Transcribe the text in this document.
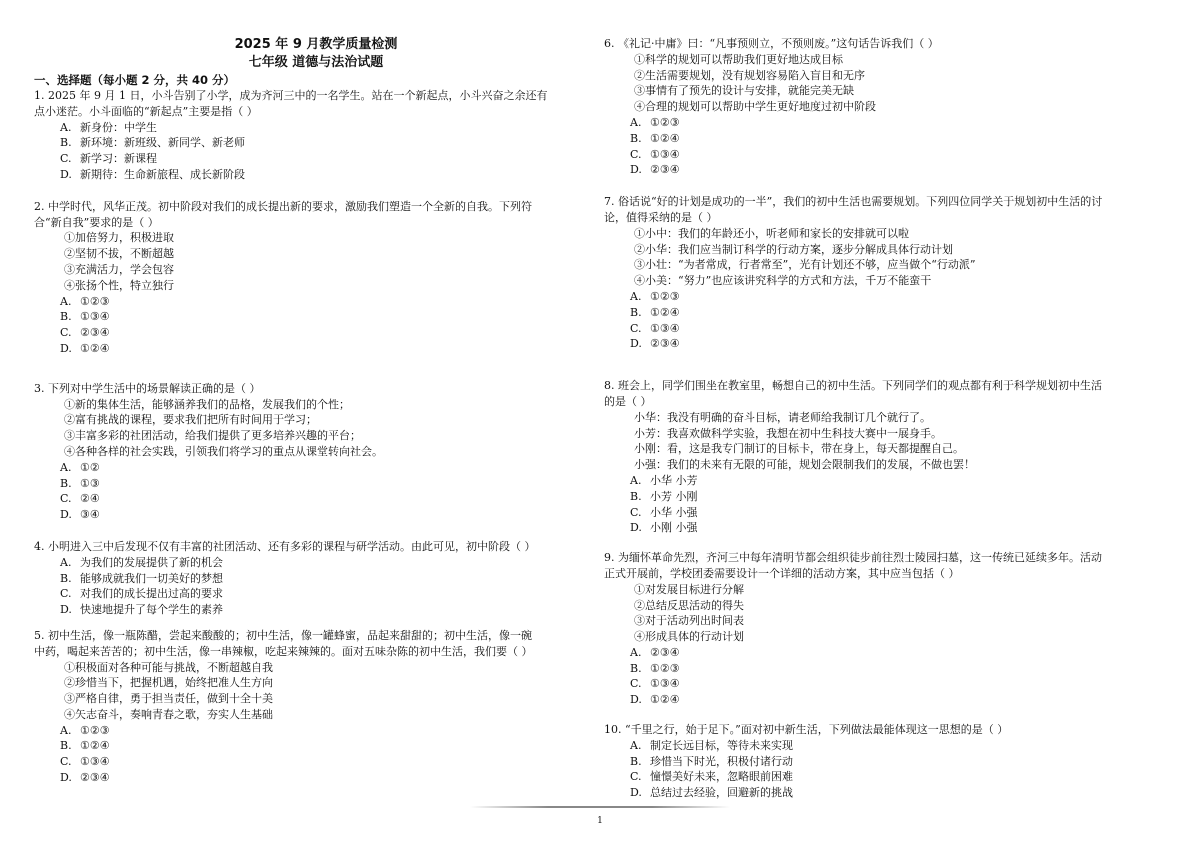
2025 年 9 月教学质量检测
七年级 道德与法治试题
一、选择题（每小题 2 分，共 40 分）
1. 2025 年 9 月 1 日，小斗告别了小学，成为齐河三中的一名学生。站在一个新起点，小斗兴奋之余还有
点小迷茫。小斗面临的“新起点”主要是指（ ）
A. 新身份：中学生
B. 新环境：新班级、新同学、新老师
C. 新学习：新课程
D. 新期待：生命新旅程、成长新阶段
2. 中学时代，风华正茂。初中阶段对我们的成长提出新的要求，激励我们塑造一个全新的自我。下列符
合“新自我”要求的是（ ）
①加倍努力，积极进取
②坚韧不拔，不断超越
③充满活力，学会包容
④张扬个性，特立独行
A. ①②③
B. ①③④
C. ②③④
D. ①②④
3. 下列对中学生活中的场景解读正确的是（ ）
①新的集体生活，能够涵养我们的品格，发展我们的个性；
②富有挑战的课程，要求我们把所有时间用于学习；
③丰富多彩的社团活动，给我们提供了更多培养兴趣的平台；
④各种各样的社会实践，引领我们将学习的重点从课堂转向社会。
A. ①②
B. ①③
C. ②④
D. ③④
4. 小明进入三中后发现不仅有丰富的社团活动、还有多彩的课程与研学活动。由此可见，初中阶段（ ）
A. 为我们的发展提供了新的机会
B. 能够成就我们一切美好的梦想
C. 对我们的成长提出过高的要求
D. 快速地提升了每个学生的素养
5. 初中生活，像一瓶陈醋，尝起来酸酸的；初中生活，像一罐蜂蜜，品起来甜甜的；初中生活，像一碗
中药，喝起来苦苦的；初中生活，像一串辣椒，吃起来辣辣的。面对五味杂陈的初中生活，我们要（ ）
①积极面对各种可能与挑战，不断超越自我
②珍惜当下，把握机遇，始终把准人生方向
③严格自律，勇于担当责任，做到十全十美
④矢志奋斗，奏响青春之歌，夯实人生基础
A. ①②③
B. ①②④
C. ①③④
D. ②③④
6. 《礼记·中庸》曰：“凡事预则立，不预则废。”这句话告诉我们（ ）
①科学的规划可以帮助我们更好地达成目标
②生活需要规划，没有规划容易陷入盲目和无序
③事情有了预先的设计与安排，就能完美无缺
④合理的规划可以帮助中学生更好地度过初中阶段
A. ①②③
B. ①②④
C. ①③④
D. ②③④
7. 俗话说“好的计划是成功的一半”，我们的初中生活也需要规划。下列四位同学关于规划初中生活的讨
论，值得采纳的是（ ）
①小中：我们的年龄还小，听老师和家长的安排就可以啦
②小华：我们应当制订科学的行动方案，逐步分解成具体行动计划
③小壮：“为者常成，行者常至”，光有计划还不够，应当做个“行动派”
④小美：“努力”也应该讲究科学的方式和方法，千万不能蛮干
A. ①②③
B. ①②④
C. ①③④
D. ②③④
8. 班会上，同学们围坐在教室里，畅想自己的初中生活。下列同学们的观点都有利于科学规划初中生活
的是（ ）
小华：我没有明确的奋斗目标，请老师给我制订几个就行了。
小芳：我喜欢做科学实验，我想在初中生科技大赛中一展身手。
小刚：看，这是我专门制订的目标卡，带在身上，每天都提醒自己。
小强：我们的未来有无限的可能，规划会限制我们的发展，不做也罢！
A. 小华 小芳
B. 小芳 小刚
C. 小华 小强
D. 小刚 小强
9. 为缅怀革命先烈，齐河三中每年清明节都会组织徒步前往烈士陵园扫墓，这一传统已延续多年。活动
正式开展前，学校团委需要设计一个详细的活动方案，其中应当包括（ ）
①对发展目标进行分解
②总结反思活动的得失
③对于活动列出时间表
④形成具体的行动计划
A. ②③④
B. ①②③
C. ①③④
D. ①②④
10. “千里之行，始于足下。”面对初中新生活，下列做法最能体现这一思想的是（ ）
A. 制定长远目标，等待未来实现
B. 珍惜当下时光，积极付诸行动
C. 憧憬美好未来，忽略眼前困难
D. 总结过去经验，回避新的挑战
1
